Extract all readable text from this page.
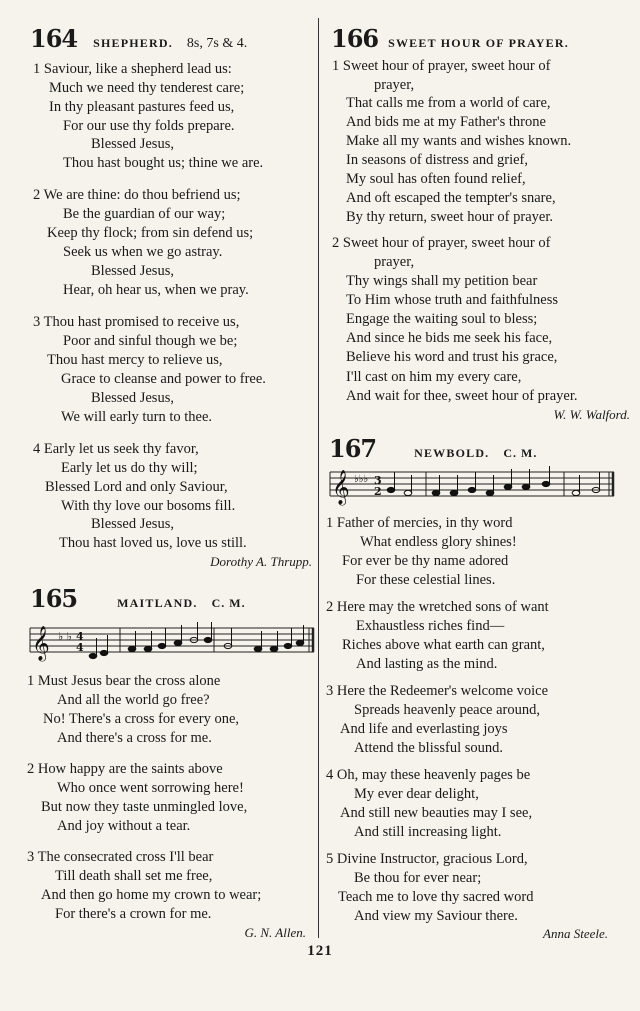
164 SHEPHERD. 8s, 7s & 4.
1 Saviour, like a shepherd lead us:
Much we need thy tenderest care;
In thy pleasant pastures feed us,
For our use thy folds prepare.
Blessed Jesus,
Thou hast bought us; thine we are.
2 We are thine: do thou befriend us;
Be the guardian of our way;
Keep thy flock; from sin defend us;
Seek us when we go astray.
Blessed Jesus,
Hear, oh hear us, when we pray.
3 Thou hast promised to receive us,
Poor and sinful though we be;
Thou hast mercy to relieve us,
Grace to cleanse and power to free.
Blessed Jesus,
We will early turn to thee.
4 Early let us seek thy favor,
Early let us do thy will;
Blessed Lord and only Saviour,
With thy love our bosoms fill.
Blessed Jesus,
Thou hast loved us, love us still.
Dorothy A. Thrupp.
165	MAITLAND. C. M.
𝄞 ♭ ♭ 4
4
1 Must Jesus bear the cross alone
And all the world go free?
No! There's a cross for every one,
And there's a cross for me.
2 How happy are the saints above
Who once went sorrowing here!
But now they taste unmingled love,
And joy without a tear.
3 The consecrated cross I'll bear
Till death shall set me free,
And then go home my crown to wear;
For there's a crown for me.
G. N. Allen.
166 SWEET HOUR OF PRAYER.
1 Sweet hour of prayer, sweet hour of
prayer,
That calls me from a world of care,
And bids me at my Father's throne
Make all my wants and wishes known.
In seasons of distress and grief,
My soul has often found relief,
And oft escaped the tempter's snare,
By thy return, sweet hour of prayer.
2 Sweet hour of prayer, sweet hour of
prayer,
Thy wings shall my petition bear
To Him whose truth and faithfulness
Engage the waiting soul to bless;
And since he bids me seek his face,
Believe his word and trust his grace,
I'll cast on him my every care,
And wait for thee, sweet hour of prayer.
W. W. Walford.
167	NEWBOLD. C. M.
𝄞 ♭♭♭ 3
2
1 Father of mercies, in thy word
What endless glory shines!
For ever be thy name adored
For these celestial lines.
2 Here may the wretched sons of want
Exhaustless riches find—
Riches above what earth can grant,
And lasting as the mind.
3 Here the Redeemer's welcome voice
Spreads heavenly peace around,
And life and everlasting joys
Attend the blissful sound.
4 Oh, may these heavenly pages be
My ever dear delight,
And still new beauties may I see,
And still increasing light.
5 Divine Instructor, gracious Lord,
Be thou for ever near;
Teach me to love thy sacred word
And view my Saviour there.
Anna Steele.
121
